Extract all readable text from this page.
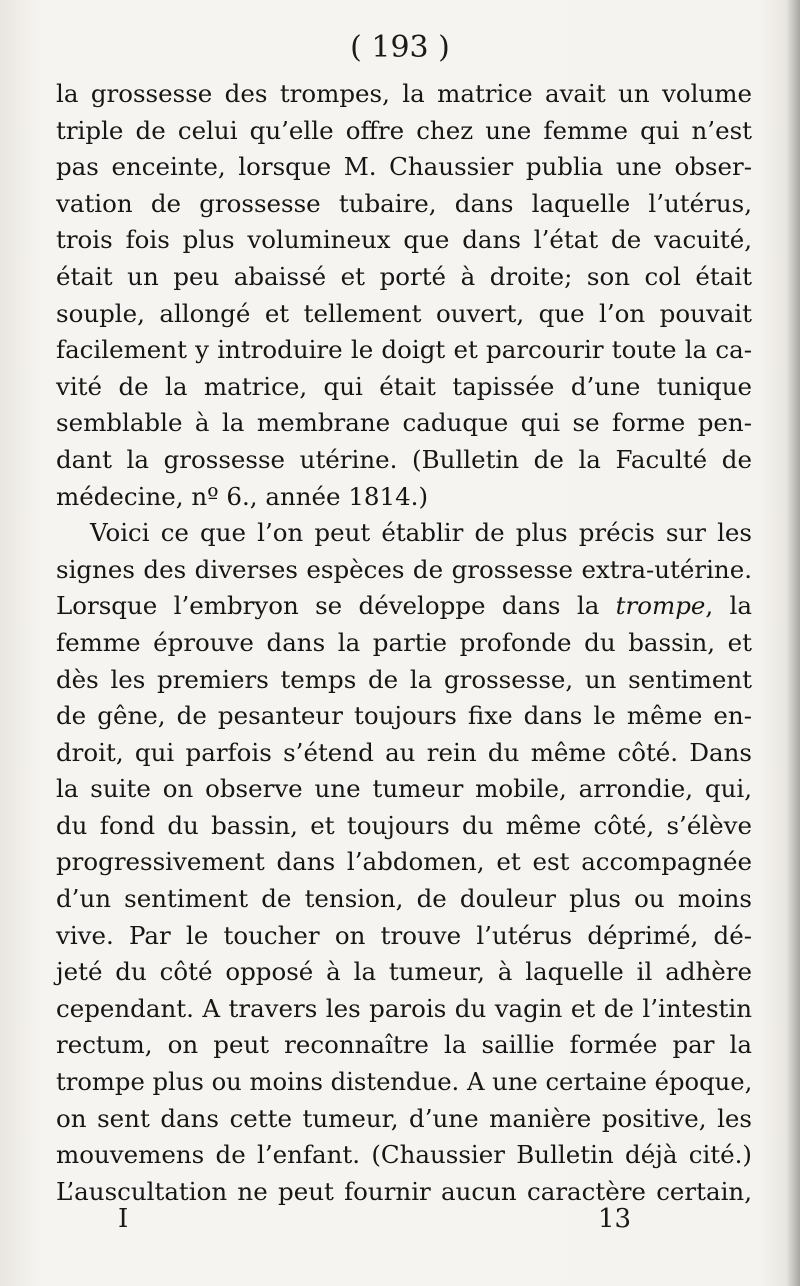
( 193 )
la grossesse des trompes, la matrice avait un volume
triple de celui qu’elle offre chez une femme qui n’est
pas enceinte, lorsque M. Chaussier publia une obser-
vation de grossesse tubaire, dans laquelle l’utérus,
trois fois plus volumineux que dans l’état de vacuité,
était un peu abaissé et porté à droite; son col était
souple, allongé et tellement ouvert, que l’on pouvait
facilement y introduire le doigt et parcourir toute la ca-
vité de la matrice, qui était tapissée d’une tunique
semblable à la membrane caduque qui se forme pen-
dant la grossesse utérine. (Bulletin de la Faculté de
médecine, nº 6., année 1814.)
Voici ce que l’on peut établir de plus précis sur les
signes des diverses espèces de grossesse extra-utérine.
Lorsque l’embryon se développe dans la trompe, la
femme éprouve dans la partie profonde du bassin, et
dès les premiers temps de la grossesse, un sentiment
de gêne, de pesanteur toujours fixe dans le même en-
droit, qui parfois s’étend au rein du même côté. Dans
la suite on observe une tumeur mobile, arrondie, qui,
du fond du bassin, et toujours du même côté, s’élève
progressivement dans l’abdomen, et est accompagnée
d’un sentiment de tension, de douleur plus ou moins
vive. Par le toucher on trouve l’utérus déprimé, dé-
jeté du côté opposé à la tumeur, à laquelle il adhère
cependant. A travers les parois du vagin et de l’intestin
rectum, on peut reconnaître la saillie formée par la
trompe plus ou moins distendue. A une certaine époque,
on sent dans cette tumeur, d’une manière positive, les
mouvemens de l’enfant. (Chaussier Bulletin déjà cité.)
L’auscultation ne peut fournir aucun caractère certain,
I	13
